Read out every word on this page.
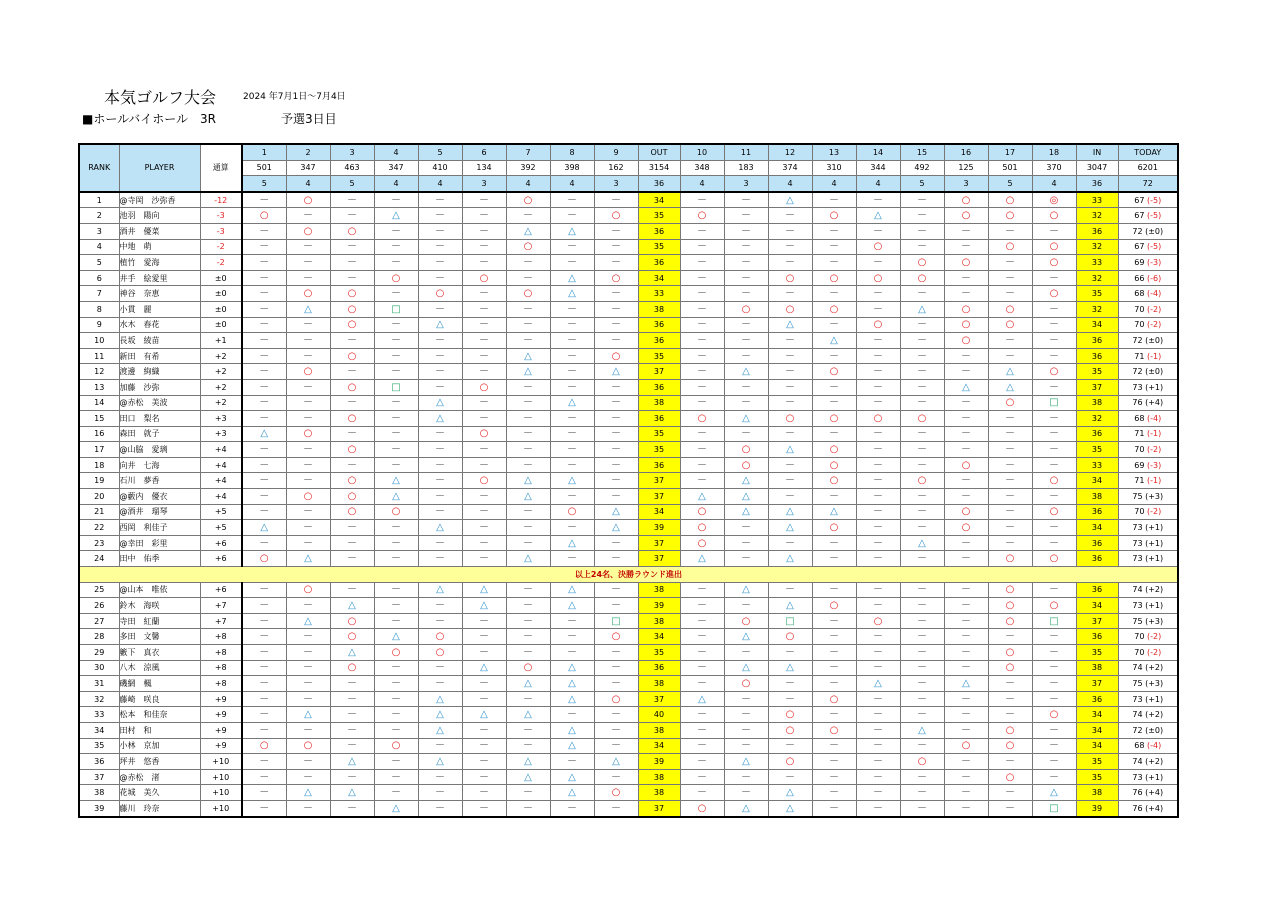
本気ゴルフ大会	2024 年7月1日～7月4日
■ホールバイホール　3R	予選3日目
RANK	PLAYER	通算	1	2	3	4	5	6	7	8	9	OUT	10	11	12	13	14	15	16	17	18	IN	TODAY
			501	347	463	347	410	134	392	398	162	3154	348	183	374	310	344	492	125	501	370	3047	6201
			5	4	5	4	4	3	4	4	3	36	4	3	4	4	4	5	3	5	4	36	72
1	@寺岡　沙弥香	-12	－	○	－	－	－	－	○	－	－	34	－	－	△	－	－	－	○	○	◎	33	67 (-5)
2	池羽　陽向	-3	○	－	－	△	－	－	－	－	○	35	○	－	－	○	△	－	○	○	○	32	67 (-5)
3	酒井　優菜	-3	－	○	○	－	－	－	△	△	－	36	－	－	－	－	－	－	－	－	－	36	72 (±0)
4	中地　萌	-2	－	－	－	－	－	－	○	－	－	35	－	－	－	－	○	－	－	○	○	32	67 (-5)
5	植竹　愛海	-2	－	－	－	－	－	－	－	－	－	36	－	－	－	－	－	○	○	－	○	33	69 (-3)
6	井手　絵愛里	±0	－	－	－	○	－	○	－	△	○	34	－	－	○	○	○	○	－	－	－	32	66 (-6)
7	神谷　奈恵	±0	－	○	○	－	○	－	○	△	－	33	－	－	－	－	－	－	－	－	○	35	68 (-4)
8	小貫　麗	±0	－	△	○	□	－	－	－	－	－	38	－	○	○	○	－	△	○	○	－	32	70 (-2)
9	水木　春花	±0	－	－	○	－	△	－	－	－	－	36	－	－	△	－	○	－	○	○	－	34	70 (-2)
10	長坂　綾苗	+1	－	－	－	－	－	－	－	－	－	36	－	－	－	△	－	－	○	－	－	36	72 (±0)
11	新田　有希	+2	－	－	○	－	－	－	△	－	○	35	－	－	－	－	－	－	－	－	－	36	71 (-1)
12	渡邊　絢織	+2	－	○	－	－	－	－	△	－	△	37	－	△	－	○	－	－	－	△	○	35	72 (±0)
13	加藤　沙弥	+2	－	－	○	□	－	○	－	－	－	36	－	－	－	－	－	－	△	△	－	37	73 (+1)
14	@赤松　美波	+2	－	－	－	－	△	－	－	△	－	38	－	－	－	－	－	－	－	○	□	38	76 (+4)
15	田口　梨名	+3	－	－	○	－	△	－	－	－	－	36	○	△	○	○	○	○	－	－	－	32	68 (-4)
16	森田　就子	+3	△	○	－	－	－	○	－	－	－	35	－	－	－	－	－	－	－	－	－	36	71 (-1)
17	@山脇　愛璃	+4	－	－	○	－	－	－	－	－	－	35	－	○	△	○	－	－	－	－	－	35	70 (-2)
18	向井　七海	+4	－	－	－	－	－	－	－	－	－	36	－	○	－	○	－	－	○	－	－	33	69 (-3)
19	石川　夢香	+4	－	－	○	△	－	○	△	△	－	37	－	△	－	○	－	○	－	－	○	34	71 (-1)
20	@藪内　優衣	+4	－	○	○	△	－	－	△	－	－	37	△	△	－	－	－	－	－	－	－	38	75 (+3)
21	@酒井　瑠琴	+5	－	－	○	○	－	－	－	○	△	34	○	△	△	△	－	－	○	－	○	36	70 (-2)
22	西岡　利佳子	+5	△	－	－	－	△	－	－	－	△	39	○	－	△	○	－	－	○	－	－	34	73 (+1)
23	@幸田　彩里	+6	－	－	－	－	－	－	－	△	－	37	○	－	－	－	－	△	－	－	－	36	73 (+1)
24	田中　佑季	+6	○	△	－	－	－	－	△	－	－	37	△	－	△	－	－	－	－	○	○	36	73 (+1)
以上24名、決勝ラウンド進出																							
25	@山本　唯依	+6	－	○	－	－	△	△	－	△	－	38	－	△	－	－	－	－	－	○	－	36	74 (+2)
26	鈴木　海咲	+7	－	－	△	－	－	△	－	△	－	39	－	－	△	○	－	－	－	○	○	34	73 (+1)
27	寺田　紅蘭	+7	－	△	○	－	－	－	－	－	□	38	－	○	□	－	○	－	－	○	□	37	75 (+3)
28	多田　文馨	+8	－	－	○	△	○	－	－	－	○	34	－	△	○	－	－	－	－	－	－	36	70 (-2)
29	籔下　真衣	+8	－	－	△	○	○	－	－	－	－	35	－	－	－	－	－	－	－	○	－	35	70 (-2)
30	八木　涼風	+8	－	－	○	－	－	△	○	△	－	36	－	△	△	－	－	－	－	○	－	38	74 (+2)
31	磯網　楓	+8	－	－	－	－	－	－	△	△	－	38	－	○	－	－	△	－	△	－	－	37	75 (+3)
32	藤崎　咲良	+9	－	－	－	－	△	－	－	△	○	37	△	－	－	○	－	－	－	－	－	36	73 (+1)
33	松本　和佳奈	+9	－	△	－	－	△	△	△	－	－	40	－	－	○	－	－	－	－	－	○	34	74 (+2)
34	田村　和	+9	－	－	－	－	△	－	－	△	－	38	－	－	○	○	－	△	－	○	－	34	72 (±0)
35	小林　京加	+9	○	○	－	○	－	－	－	△	－	34	－	－	－	－	－	－	○	○	－	34	68 (-4)
36	坪井　悠香	+10	－	－	△	－	△	－	△	－	△	39	－	△	○	－	－	○	－	－	－	35	74 (+2)
37	@赤松　渚	+10	－	－	－	－	－	－	△	△	－	38	－	－	－	－	－	－	－	○	－	35	73 (+1)
38	花城　美久	+10	－	△	△	－	－	－	－	△	○	38	－	－	△	－	－	－	－	－	△	38	76 (+4)
39	藤川　玲奈	+10	－	－	－	△	－	－	－	－	－	37	○	△	△	－	－	－	－	－	□	39	76 (+4)
